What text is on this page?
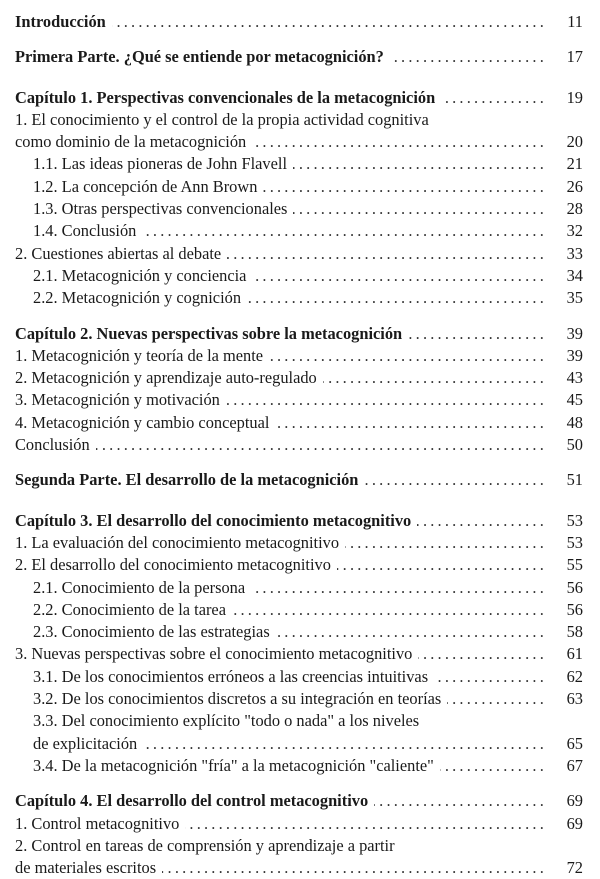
Introducción .....	11
Primera Parte. ¿Qué se entiende por metacognición? .....	17
Capítulo 1. Perspectivas convencionales de la metacognición .....	19
1. El conocimiento y el control de la propia actividad cognitiva
como dominio de la metacognición .....	20
1.1. Las ideas pioneras de John Flavell .....	21
1.2. La concepción de Ann Brown .....	26
1.3. Otras perspectivas convencionales .....	28
1.4. Conclusión .....	32
2. Cuestiones abiertas al debate .....	33
2.1. Metacognición y conciencia .....	34
2.2. Metacognición y cognición .....	35
Capítulo 2. Nuevas perspectivas sobre la metacognición .....	39
1. Metacognición y teoría de la mente .....	39
2. Metacognición y aprendizaje auto-regulado .....	43
3. Metacognición y motivación .....	45
4. Metacognición y cambio conceptual .....	48
Conclusión .....	50
Segunda Parte. El desarrollo de la metacognición .....	51
Capítulo 3. El desarrollo del conocimiento metacognitivo .....	53
1. La evaluación del conocimiento metacognitivo .....	53
2. El desarrollo del conocimiento metacognitivo .....	55
2.1. Conocimiento de la persona .....	56
2.2. Conocimiento de la tarea .....	56
2.3. Conocimiento de las estrategias .....	58
3. Nuevas perspectivas sobre el conocimiento metacognitivo .....	61
3.1. De los conocimientos erróneos a las creencias intuitivas .....	62
3.2. De los conocimientos discretos a su integración en teorías .....	63
3.3. Del conocimiento explícito "todo o nada" a los niveles
de explicitación .....	65
3.4. De la metacognición "fría" a la metacognición "caliente" .....	67
Capítulo 4. El desarrollo del control metacognitivo .....	69
1. Control metacognitivo .....	69
2. Control en tareas de comprensión y aprendizaje a partir
de materiales escritos .....	72
